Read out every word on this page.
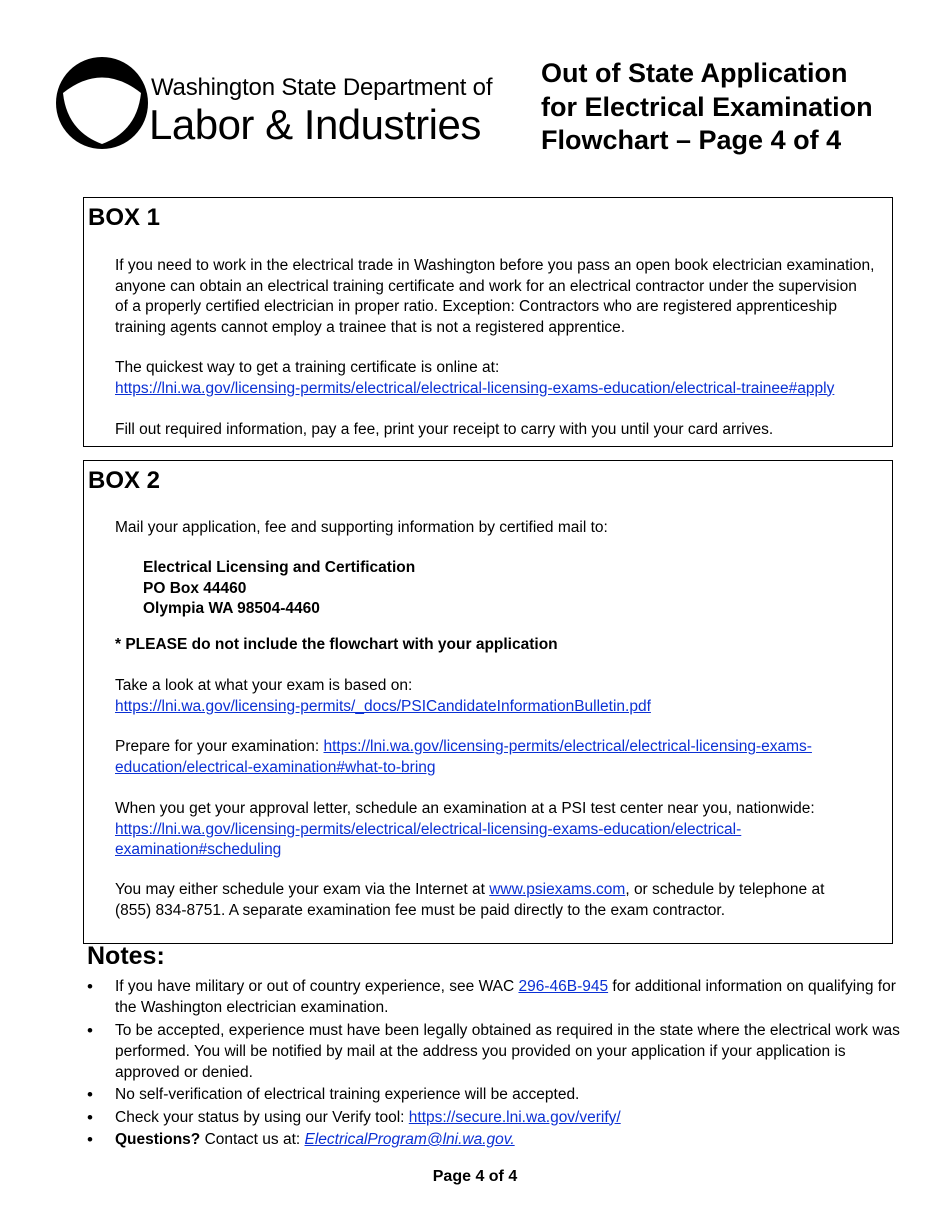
Washington State Department of
Labor & Industries
Out of State Application
for Electrical Examination
Flowchart – Page 4 of 4
BOX 1
If you need to work in the electrical trade in Washington before you pass an open book electrician examination,
anyone can obtain an electrical training certificate and work for an electrical contractor under the supervision
of a properly certified electrician in proper ratio. Exception: Contractors who are registered apprenticeship
training agents cannot employ a trainee that is not a registered apprentice.
The quickest way to get a training certificate is online at:
https://lni.wa.gov/licensing-permits/electrical/electrical-licensing-exams-education/electrical-trainee#apply
Fill out required information, pay a fee, print your receipt to carry with you until your card arrives.
BOX 2
Mail your application, fee and supporting information by certified mail to:
Electrical Licensing and Certification
PO Box 44460
Olympia WA 98504-4460
* PLEASE do not include the flowchart with your application
Take a look at what your exam is based on:
https://lni.wa.gov/licensing-permits/_docs/PSICandidateInformationBulletin.pdf
Prepare for your examination: https://lni.wa.gov/licensing-permits/electrical/electrical-licensing-exams-
education/electrical-examination#what-to-bring
When you get your approval letter, schedule an examination at a PSI test center near you, nationwide:
https://lni.wa.gov/licensing-permits/electrical/electrical-licensing-exams-education/electrical-
examination#scheduling
You may either schedule your exam via the Internet at www.psiexams.com, or schedule by telephone at
(855) 834-8751. A separate examination fee must be paid directly to the exam contractor.
Notes:
• If you have military or out of country experience, see WAC 296-46B-945 for additional information on qualifying for the Washington electrician examination.
• To be accepted, experience must have been legally obtained as required in the state where the electrical work was performed. You will be notified by mail at the address you provided on your application if your application is approved or denied.
• No self-verification of electrical training experience will be accepted.
• Check your status by using our Verify tool: https://secure.lni.wa.gov/verify/
• Questions? Contact us at: ElectricalProgram@lni.wa.gov.
Page 4 of 4
